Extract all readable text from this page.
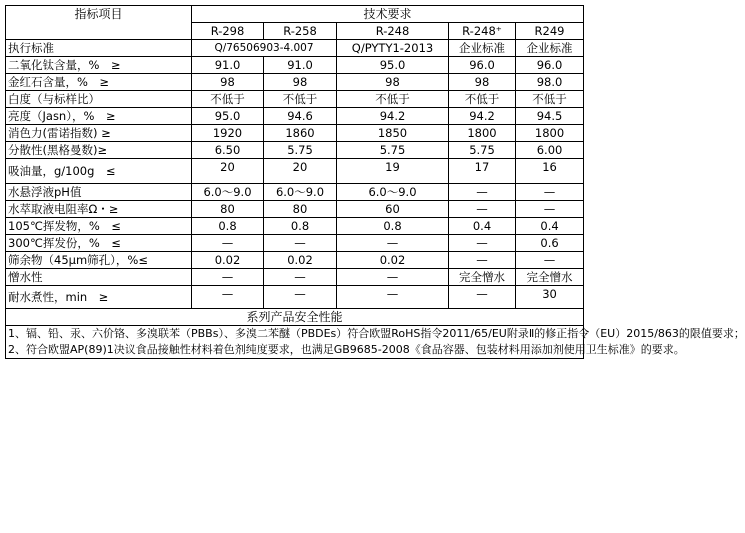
指标项目	技术要求				
	R-298	R-258	R-248	R-248⁺	R249
执行标准	Q/76506903-4.007		Q/PYTY1-2013	企业标准	企业标准
二氧化钛含量，%　≥	91.0	91.0	95.0	96.0	96.0
金红石含量，%　≥	98	98	98	98	98.0
白度（与标样比）	不低于	不低于	不低于	不低于	不低于
亮度（Jasn），%　≥	95.0	94.6	94.2	94.2	94.5
消色力(雷诺指数) ≥	1920	1860	1850	1800	1800
分散性(黑格曼数)≥	6.50	5.75	5.75	5.75	6.00
吸油量，g/100g　≤	20	20	19	17	16
水悬浮液pH值	6.0～9.0	6.0～9.0	6.0～9.0	—	—
水萃取液电阻率Ω・≥	80	80	60	—	—
105℃挥发物，%　≤	0.8	0.8	0.8	0.4	0.4
300℃挥发份，%　≤	—	—	—	—	0.6
筛余物（45μm筛孔），%≤	0.02	0.02	0.02	—	—
憎水性	—	—	—	完全憎水	完全憎水
耐水煮性，min　≥	—	—	—	—	30
系列产品安全性能					

1、镉、铅、汞、六价铬、多溴联苯（PBBs）、多溴二苯醚（PBDEs）符合欧盟RoHS指令2011/65/EU附录Ⅱ的修正指令（EU）2015/863的限值要求；
2、符合欧盟AP(89)1决议食品接触性材料着色剂纯度要求，也满足GB9685-2008《食品容器、包装材料用添加剂使用卫生标准》的要求。					
